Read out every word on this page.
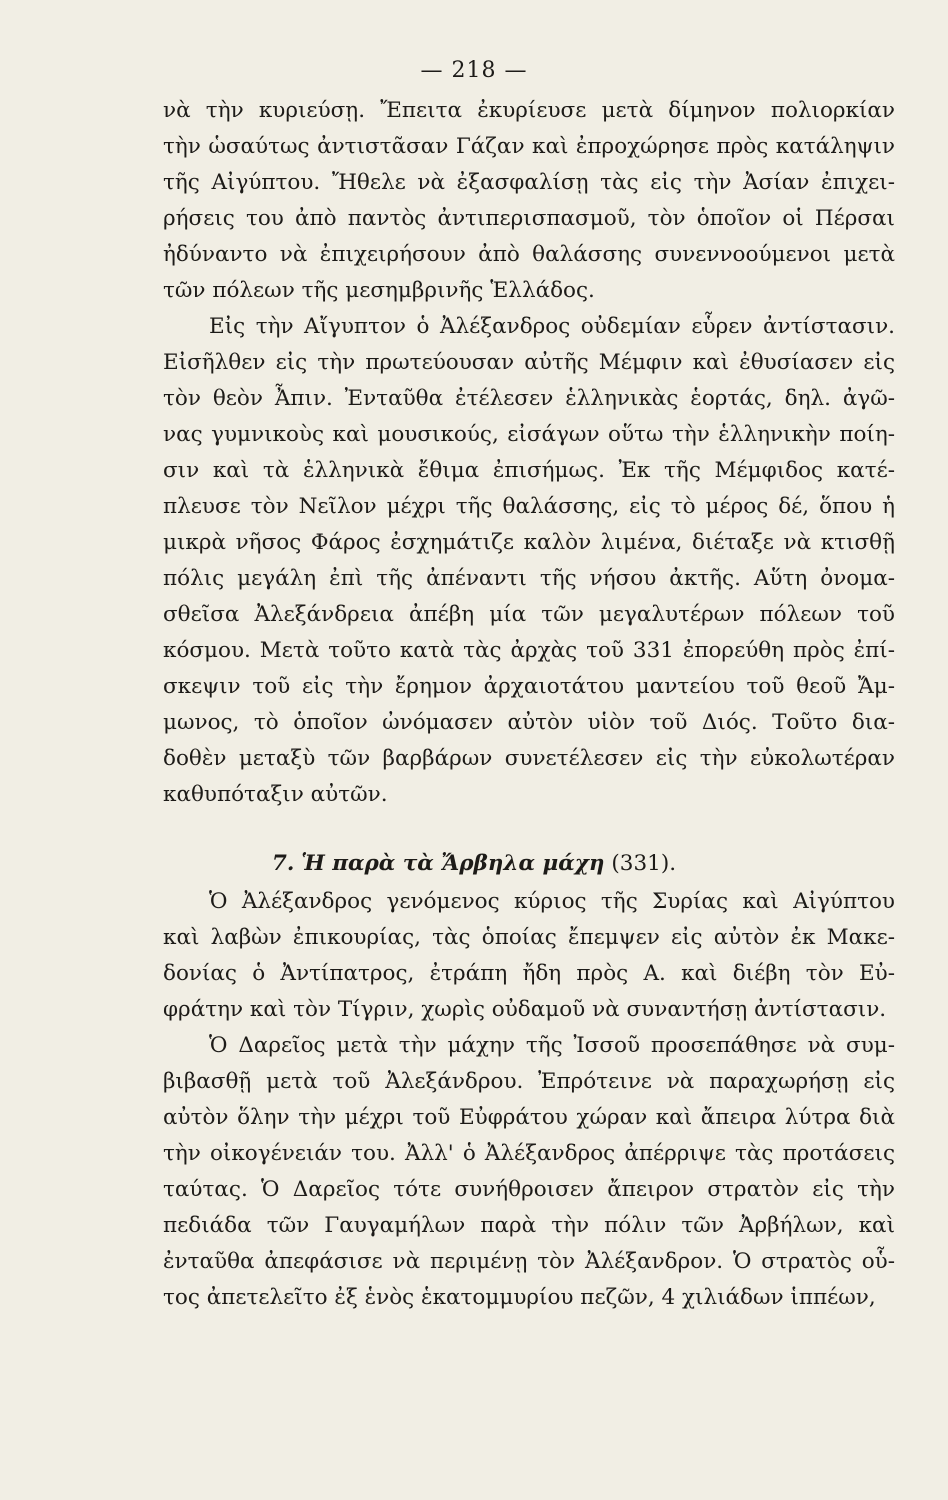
— 218 —
νὰ τὴν κυριεύσῃ. Ἔπειτα ἐκυρίευσε μετὰ δίμηνον πολιορκίαν
τὴν ὡσαύτως ἀντιστᾶσαν Γάζαν καὶ ἐπροχώρησε πρὸς κατάληψιν
τῆς Αἰγύπτου. Ἤθελε νὰ ἐξασφαλίσῃ τὰς εἰς τὴν Ἀσίαν ἐπιχει-
ρήσεις του ἀπὸ παντὸς ἀντιπερισπασμοῦ, τὸν ὁποῖον οἱ Πέρσαι
ἠδύναντο νὰ ἐπιχειρήσουν ἀπὸ θαλάσσης συνεννοούμενοι μετὰ
τῶν πόλεων τῆς μεσημβρινῆς Ἑλλάδος.
Εἰς τὴν Αἴγυπτον ὁ Ἀλέξανδρος οὐδεμίαν εὗρεν ἀντίστασιν.
Εἰσῆλθεν εἰς τὴν πρωτεύουσαν αὐτῆς Μέμφιν καὶ ἐθυσίασεν εἰς
τὸν θεὸν Ἆπιν. Ἐνταῦθα ἐτέλεσεν ἑλληνικὰς ἑορτάς, δηλ. ἀγῶ-
νας γυμνικοὺς καὶ μουσικούς, εἰσάγων οὕτω τὴν ἑλληνικὴν ποίη-
σιν καὶ τὰ ἑλληνικὰ ἔθιμα ἐπισήμως. Ἐκ τῆς Μέμφιδος κατέ-
πλευσε τὸν Νεῖλον μέχρι τῆς θαλάσσης, εἰς τὸ μέρος δέ, ὅπου ἡ
μικρὰ νῆσος Φάρος ἐσχημάτιζε καλὸν λιμένα, διέταξε νὰ κτισθῇ
πόλις μεγάλη ἐπὶ τῆς ἀπέναντι τῆς νήσου ἀκτῆς. Αὕτη ὀνομα-
σθεῖσα Ἀλεξάνδρεια ἀπέβη μία τῶν μεγαλυτέρων πόλεων τοῦ
κόσμου. Μετὰ τοῦτο κατὰ τὰς ἀρχὰς τοῦ 331 ἐπορεύθη πρὸς ἐπί-
σκεψιν τοῦ εἰς τὴν ἔρημον ἀρχαιοτάτου μαντείου τοῦ θεοῦ Ἄμ-
μωνος, τὸ ὁποῖον ὠνόμασεν αὐτὸν υἱὸν τοῦ Διός. Τοῦτο δια-
δοθὲν μεταξὺ τῶν βαρβάρων συνετέλεσεν εἰς τὴν εὐκολωτέραν
καθυπόταξιν αὐτῶν.
7. Ἡ παρὰ τὰ Ἄρβηλα μάχη (331).
Ὁ Ἀλέξανδρος γενόμενος κύριος τῆς Συρίας καὶ Αἰγύπτου
καὶ λαβὼν ἐπικουρίας, τὰς ὁποίας ἔπεμψεν εἰς αὐτὸν ἐκ Μακε-
δονίας ὁ Ἀντίπατρος, ἐτράπη ἤδη πρὸς Α. καὶ διέβη τὸν Εὐ-
φράτην καὶ τὸν Τίγριν, χωρὶς οὐδαμοῦ νὰ συναντήσῃ ἀντίστασιν.
Ὁ Δαρεῖος μετὰ τὴν μάχην τῆς Ἰσσοῦ προσεπάθησε νὰ συμ-
βιβασθῇ μετὰ τοῦ Ἀλεξάνδρου. Ἐπρότεινε νὰ παραχωρήσῃ εἰς
αὐτὸν ὅλην τὴν μέχρι τοῦ Εὐφράτου χώραν καὶ ἄπειρα λύτρα διὰ
τὴν οἰκογένειάν του. Ἀλλ' ὁ Ἀλέξανδρος ἀπέρριψε τὰς προτάσεις
ταύτας. Ὁ Δαρεῖος τότε συνήθροισεν ἄπειρον στρατὸν εἰς τὴν
πεδιάδα τῶν Γαυγαμήλων παρὰ τὴν πόλιν τῶν Ἀρβήλων, καὶ
ἐνταῦθα ἀπεφάσισε νὰ περιμένῃ τὸν Ἀλέξανδρον. Ὁ στρατὸς οὗ-
τος ἀπετελεῖτο ἐξ ἑνὸς ἑκατομμυρίου πεζῶν, 4 χιλιάδων ἱππέων,
